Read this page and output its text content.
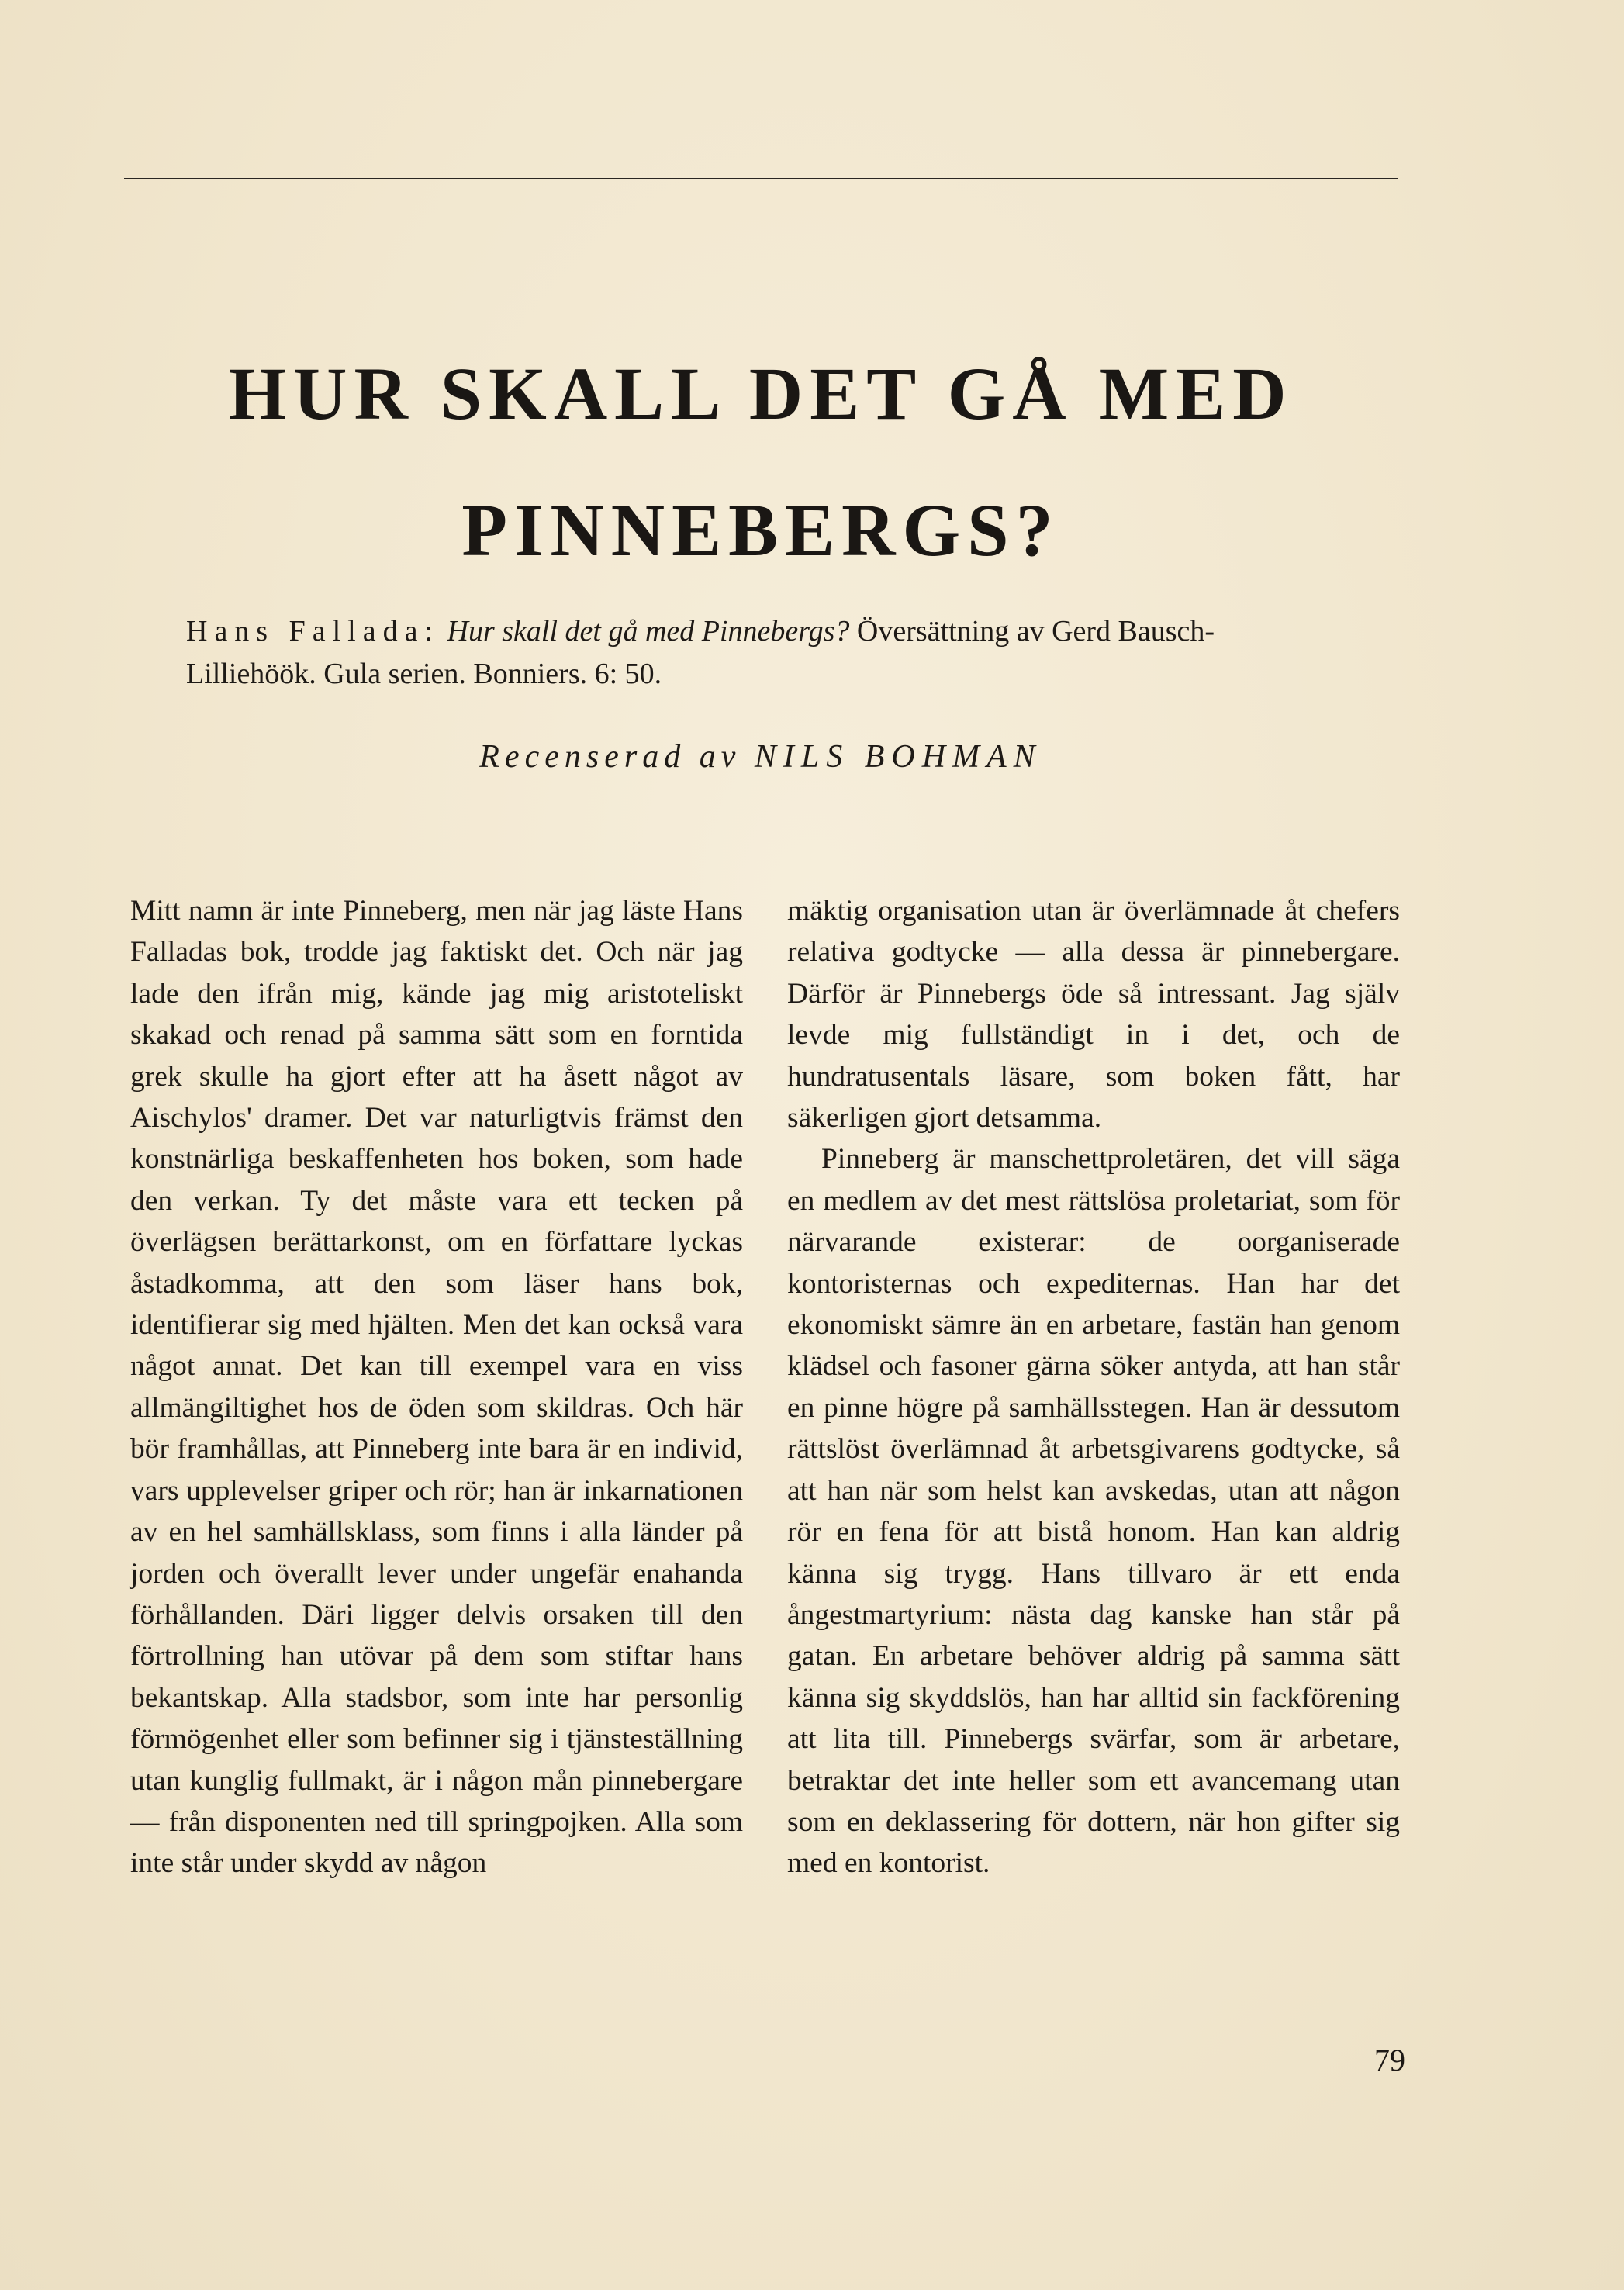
HUR SKALL DET GÅ MED
PINNEBERGS?

Hans Fallada: Hur skall det gå med Pinnebergs? Översättning av Gerd Bausch-Lilliehöök. Gula serien. Bonniers. 6: 50.

Recenserad av NILS BOHMAN

Mitt namn är inte Pinneberg, men när jag läste Hans Falladas bok, trodde jag faktiskt det. Och när jag lade den ifrån mig, kände jag mig aristoteliskt skakad och renad på samma sätt som en forntida grek skulle ha gjort efter att ha åsett något av Aischylos' dramer. Det var naturligtvis främst den konstnärliga beskaffenheten hos boken, som hade den verkan. Ty det måste vara ett tecken på överlägsen berättarkonst, om en författare lyckas åstadkomma, att den som läser hans bok, identifierar sig med hjälten. Men det kan också vara något annat. Det kan till exempel vara en viss allmängiltighet hos de öden som skildras. Och här bör framhållas, att Pinneberg inte bara är en individ, vars upplevelser griper och rör; han är inkarnationen av en hel samhällsklass, som finns i alla länder på jorden och överallt lever under ungefär enahanda förhållanden. Däri ligger delvis orsaken till den förtrollning han utövar på dem som stiftar hans bekantskap. Alla stadsbor, som inte har personlig förmögenhet eller som befinner sig i tjänsteställning utan kunglig fullmakt, är i någon mån pinnebergare — från disponenten ned till springpojken. Alla som inte står under skydd av någon

mäktig organisation utan är överlämnade åt chefers relativa godtycke — alla dessa är pinnebergare. Därför är Pinnebergs öde så intressant. Jag själv levde mig fullständigt in i det, och de hundratusentals läsare, som boken fått, har säkerligen gjort detsamma.

Pinneberg är manschettproletären, det vill säga en medlem av det mest rättslösa proletariat, som för närvarande existerar: de oorganiserade kontoristernas och expediternas. Han har det ekonomiskt sämre än en arbetare, fastän han genom klädsel och fasoner gärna söker antyda, att han står en pinne högre på samhällsstegen. Han är dessutom rättslöst överlämnad åt arbetsgivarens godtycke, så att han när som helst kan avskedas, utan att någon rör en fena för att bistå honom. Han kan aldrig känna sig trygg. Hans tillvaro är ett enda ångestmartyrium: nästa dag kanske han står på gatan. En arbetare behöver aldrig på samma sätt känna sig skyddslös, han har alltid sin fackförening att lita till. Pinnebergs svärfar, som är arbetare, betraktar det inte heller som ett avancemang utan som en deklassering för dottern, när hon gifter sig med en kontorist.

79
